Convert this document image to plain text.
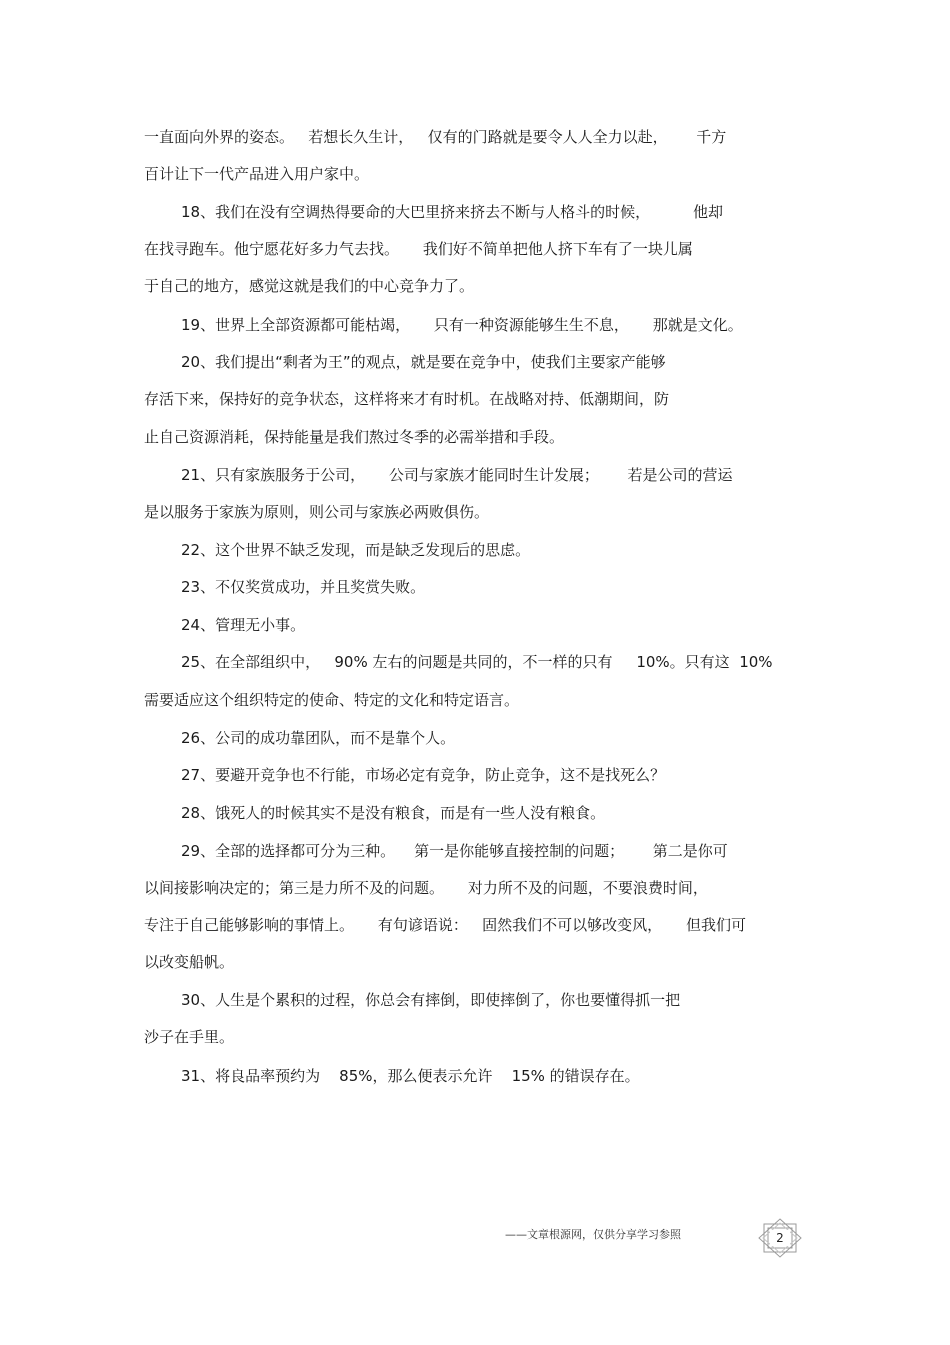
一直面向外界的姿态。   若想长久生计，   仅有的门路就是要令人人全力以赴，      千方

百计让下一代产品进入用户家中。

18、我们在没有空调热得要命的大巴里挤来挤去不断与人格斗的时候，         他却

在找寻跑车。他宁愿花好多力气去找。     我们好不简单把他人挤下车有了一块儿属

于自己的地方，感觉这就是我们的中心竞争力了。

19、世界上全部资源都可能枯竭，     只有一种资源能够生生不息，     那就是文化。

20、我们提出“剩者为王”的观点，就是要在竞争中，使我们主要家产能够

存活下来，保持好的竞争状态，这样将来才有时机。在战略对持、低潮期间，防

止自己资源消耗，保持能量是我们熬过冬季的必需举措和手段。

21、只有家族服务于公司，     公司与家族才能同时生计发展；      若是公司的营运

是以服务于家族为原则，则公司与家族必两败俱伤。

22、这个世界不缺乏发现，而是缺乏发现后的思虑。

23、不仅奖赏成功，并且奖赏失败。

24、管理无小事。

25、在全部组织中，   90% 左右的问题是共同的，不一样的只有     10%。只有这  10%

需要适应这个组织特定的使命、特定的文化和特定语言。

26、公司的成功靠团队，而不是靠个人。

27、要避开竞争也不行能，市场必定有竞争，防止竞争，这不是找死么？

28、饿死人的时候其实不是没有粮食，而是有一些人没有粮食。

29、全部的选择都可分为三种。    第一是你能够直接控制的问题；      第二是你可

以间接影响决定的；第三是力所不及的问题。     对力所不及的问题，不要浪费时间，

专注于自己能够影响的事情上。     有句谚语说：   固然我们不可以够改变风，     但我们可

以改变船帆。

30、人生是个累积的过程，你总会有摔倒，即使摔倒了，你也要懂得抓一把

沙子在手里。

31、将良品率预约为    85%，那么便表示允许    15% 的错误存在。

——文章根源网，仅供分享学习参照	2
